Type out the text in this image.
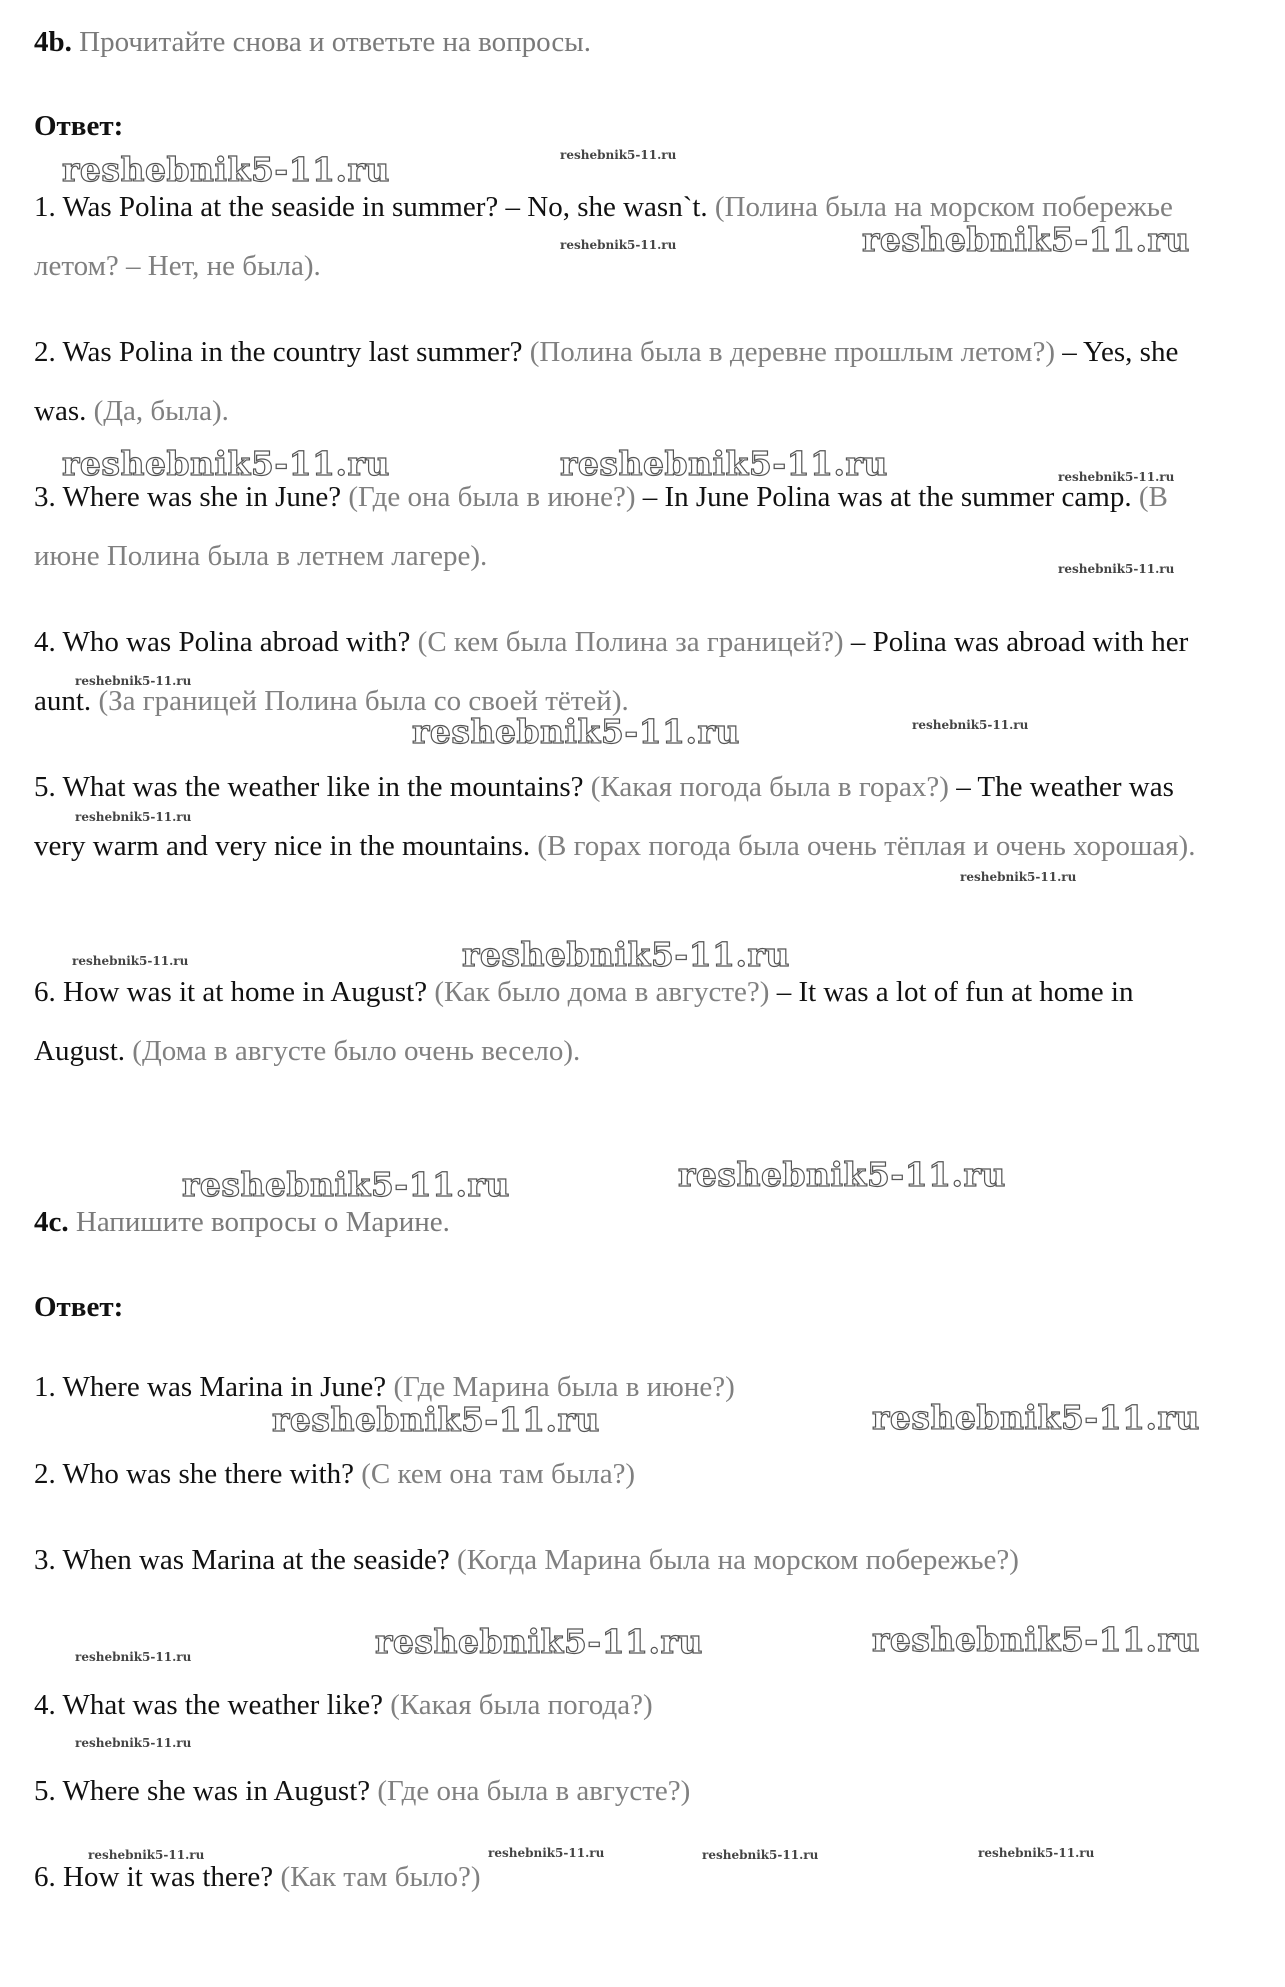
4b. Прочитайте снова и ответьте на вопросы.
Ответ:
1. Was Polina at the seaside in summer? – No, she wasn`t. (Полина была на морском побережье летом? – Нет, не была).
2. Was Polina in the country last summer? (Полина была в деревне прошлым летом?) – Yes, she was. (Да, была).
3. Where was she in June? (Где она была в июне?) – In June Polina was at the summer camp. (В июне Полина была в летнем лагере).
4. Who was Polina abroad with? (С кем была Полина за границей?) – Polina was abroad with her aunt. (За границей Полина была со своей тётей).
5. What was the weather like in the mountains? (Какая погода была в горах?) – The weather was very warm and very nice in the mountains. (В горах погода была очень тёплая и очень хорошая).
6. How was it at home in August? (Как было дома в августе?) – It was a lot of fun at home in August. (Дома в августе было очень весело).
4c. Напишите вопросы о Марине.
Ответ:
1. Where was Marina in June? (Где Марина была в июне?)
2. Who was she there with? (С кем она там была?)
3. When was Marina at the seaside? (Когда Марина была на морском побережье?)
4. What was the weather like? (Какая была погода?)
5. Where she was in August? (Где она была в августе?)
6. How it was there? (Как там было?)
reshebnik5-11.ru	reshebnik5-11.ru
reshebnik5-11.ru
reshebnik5-11.ru
reshebnik5-11.ru	reshebnik5-11.ru	reshebnik5-11.ru
reshebnik5-11.ru
reshebnik5-11.ru
reshebnik5-11.ru	reshebnik5-11.ru
reshebnik5-11.ru
reshebnik5-11.ru
reshebnik5-11.ru	reshebnik5-11.ru
reshebnik5-11.ru	reshebnik5-11.ru
reshebnik5-11.ru	reshebnik5-11.ru
reshebnik5-11.ru	reshebnik5-11.ru	reshebnik5-11.ru
reshebnik5-11.ru
reshebnik5-11.ru	reshebnik5-11.ru	reshebnik5-11.ru	reshebnik5-11.ru
